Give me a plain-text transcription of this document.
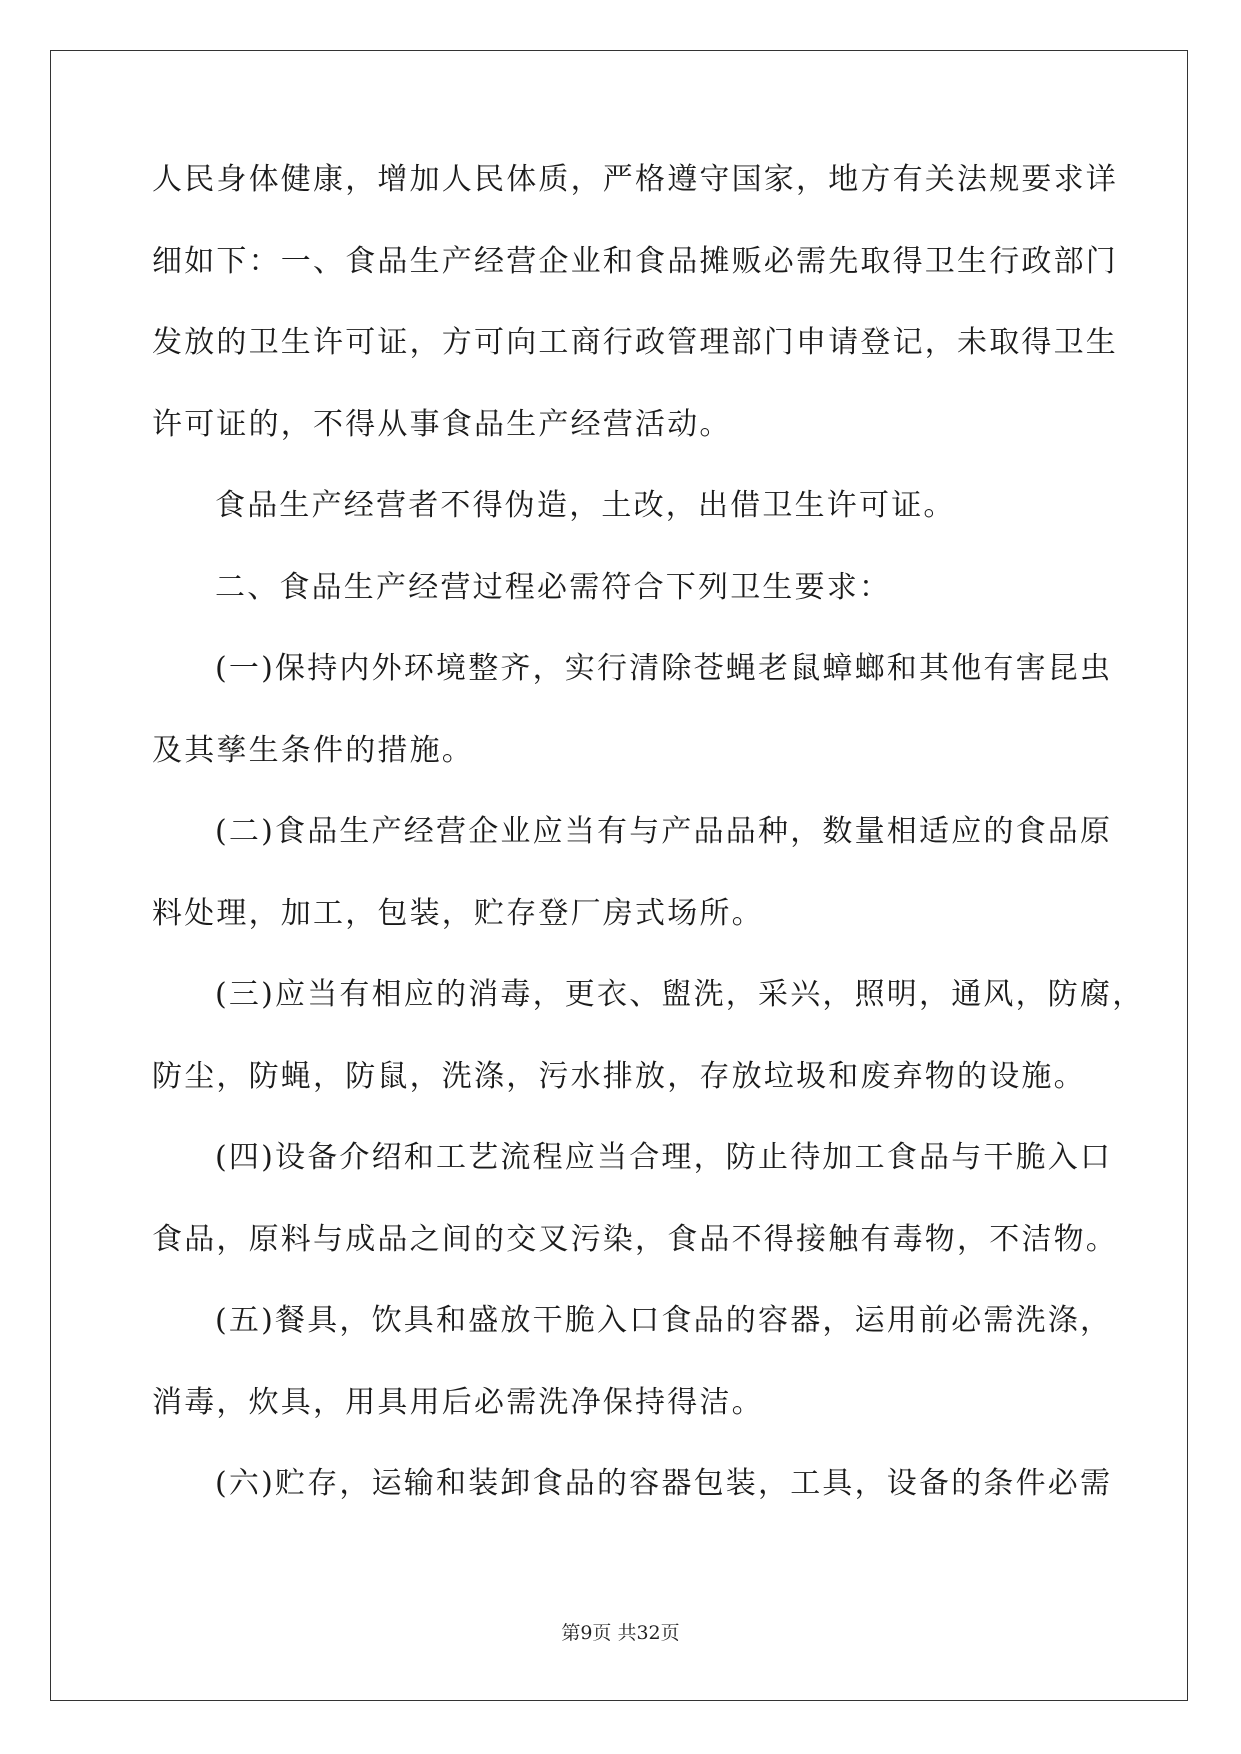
人民身体健康，增加人民体质，严格遵守国家，地方有关法规要求详
细如下：一、食品生产经营企业和食品摊贩必需先取得卫生行政部门
发放的卫生许可证，方可向工商行政管理部门申请登记，未取得卫生
许可证的，不得从事食品生产经营活动。
食品生产经营者不得伪造，土改，出借卫生许可证。
二、食品生产经营过程必需符合下列卫生要求：
(一)保持内外环境整齐，实行清除苍蝇老鼠蟑螂和其他有害昆虫
及其孳生条件的措施。
(二)食品生产经营企业应当有与产品品种，数量相适应的食品原
料处理，加工，包装，贮存登厂房式场所。
(三)应当有相应的消毒，更衣、盥洗，采兴，照明，通风，防腐，
防尘，防蝇，防鼠，洗涤，污水排放，存放垃圾和废弃物的设施。
(四)设备介绍和工艺流程应当合理，防止待加工食品与干脆入口
食品，原料与成品之间的交叉污染，食品不得接触有毒物，不洁物。
(五)餐具，饮具和盛放干脆入口食品的容器，运用前必需洗涤，
消毒，炊具，用具用后必需洗净保持得洁。
(六)贮存，运输和装卸食品的容器包装，工具，设备的条件必需
第9页 共32页
